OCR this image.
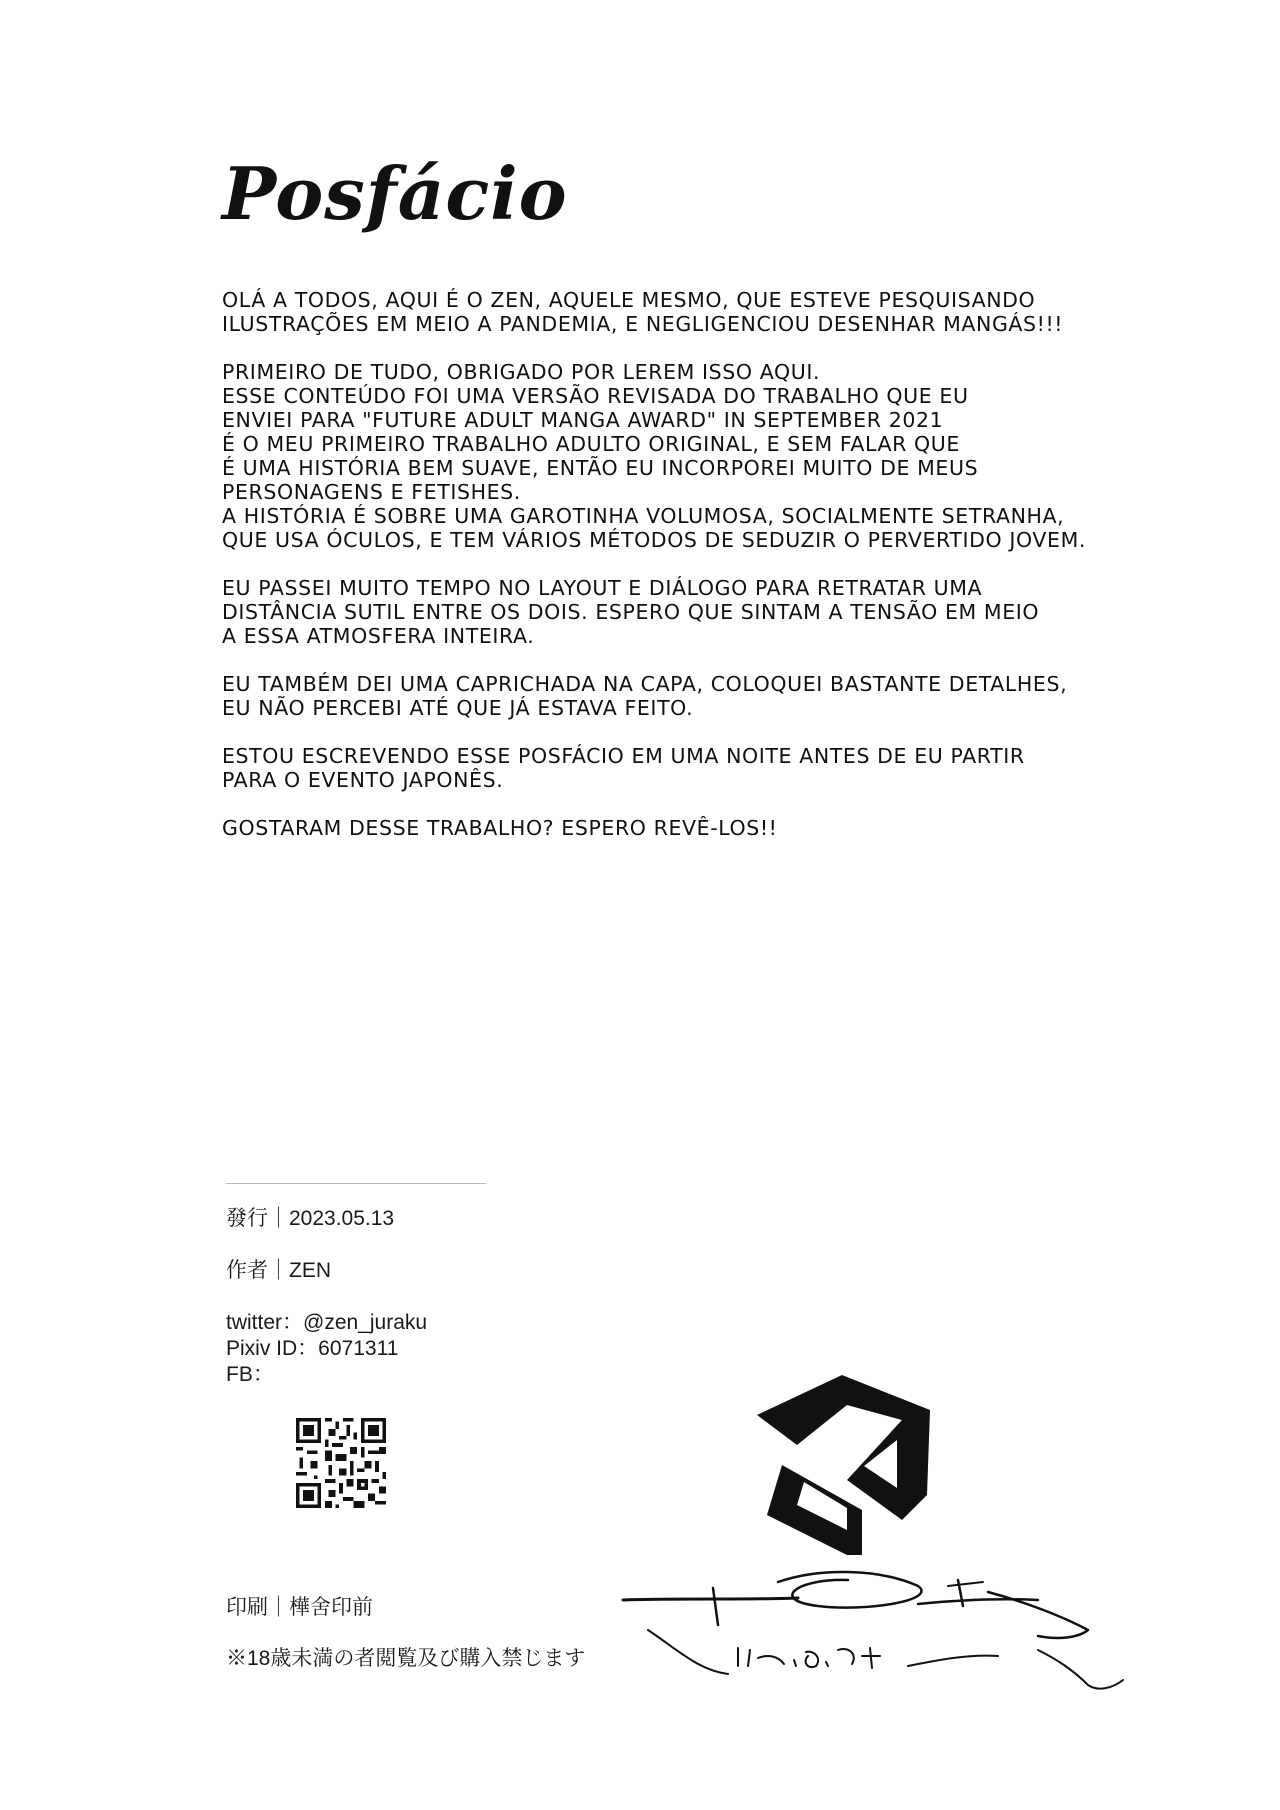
Posfácio

OLÁ A TODOS, AQUI É O ZEN, AQUELE MESMO, QUE ESTEVE PESQUISANDO
ILUSTRAÇÕES EM MEIO A PANDEMIA, E NEGLIGENCIOU DESENHAR MANGÁS!!!

PRIMEIRO DE TUDO, OBRIGADO POR LEREM ISSO AQUI.
ESSE CONTEÚDO FOI UMA VERSÃO REVISADA DO TRABALHO QUE EU
ENVIEI PARA "FUTURE ADULT MANGA AWARD" IN SEPTEMBER 2021
É O MEU PRIMEIRO TRABALHO ADULTO ORIGINAL, E SEM FALAR QUE
É UMA HISTÓRIA BEM SUAVE, ENTÃO EU INCORPOREI MUITO DE MEUS
PERSONAGENS E FETISHES.
A HISTÓRIA É SOBRE UMA GAROTINHA VOLUMOSA, SOCIALMENTE SETRANHA,
QUE USA ÓCULOS, E TEM VÁRIOS MÉTODOS DE SEDUZIR O PERVERTIDO JOVEM.

EU PASSEI MUITO TEMPO NO LAYOUT E DIÁLOGO PARA RETRATAR UMA
DISTÂNCIA SUTIL ENTRE OS DOIS. ESPERO QUE SINTAM A TENSÃO EM MEIO
A ESSA ATMOSFERA INTEIRA.

EU TAMBÉM DEI UMA CAPRICHADA NA CAPA, COLOQUEI BASTANTE DETALHES,
EU NÃO PERCEBI ATÉ QUE JÁ ESTAVA FEITO.

ESTOU ESCREVENDO ESSE POSFÁCIO EM UMA NOITE ANTES DE EU PARTIR
PARA O EVENTO JAPONÊS.

GOSTARAM DESSE TRABALHO? ESPERO REVÊ-LOS!!

發行｜2023.05.13
作者｜ZEN
twitter：@zen_juraku
Pixiv ID：6071311
FB：
印刷｜樺舍印前
※18歳未満の者閲覧及び購入禁じます
